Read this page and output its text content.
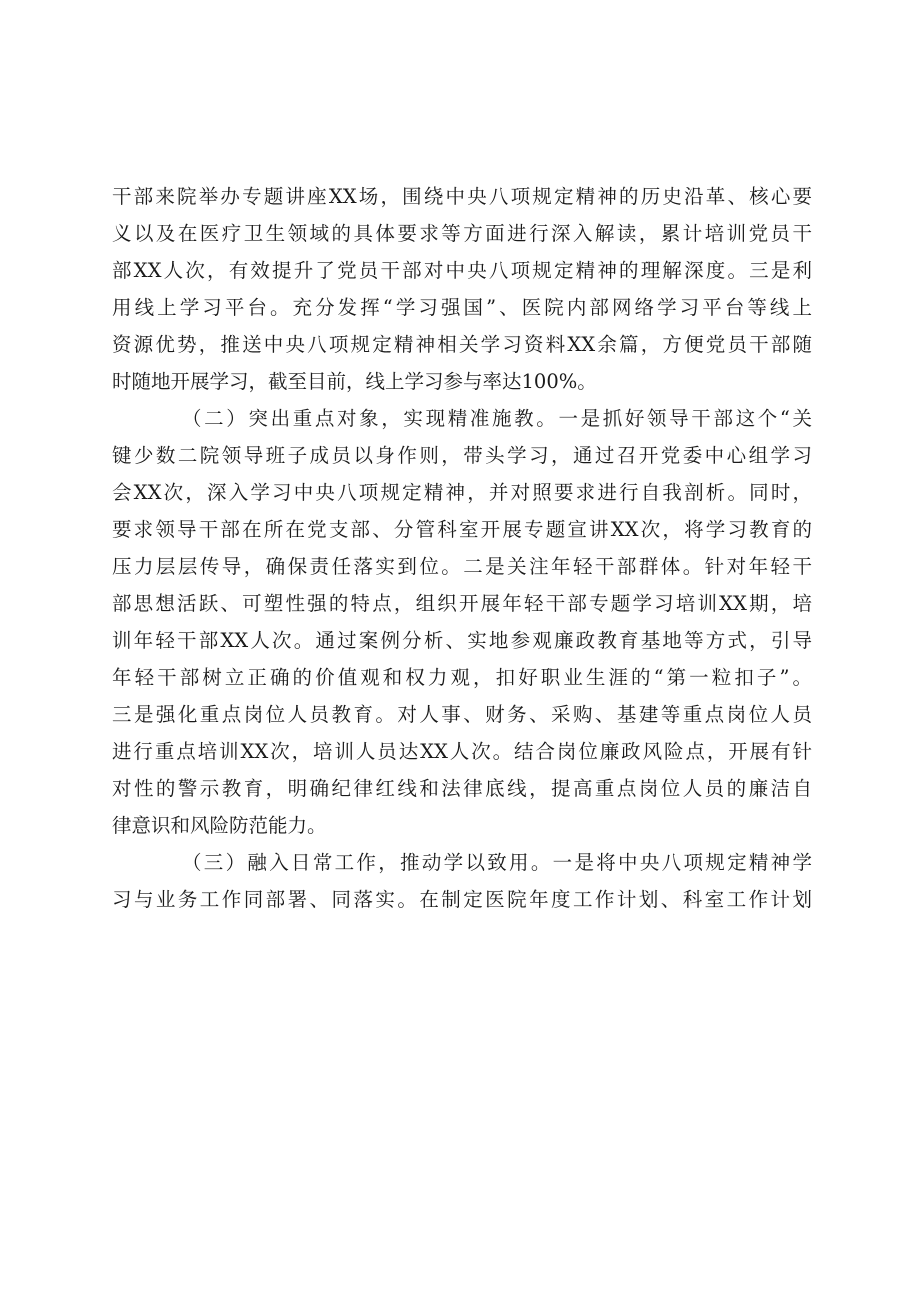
干部来院举办专题讲座XX场，围绕中央八项规定精神的历史沿革、核心要
义以及在医疗卫生领域的具体要求等方面进行深入解读，累计培训党员干
部XX人次，有效提升了党员干部对中央八项规定精神的理解深度。三是利
用线上学习平台。充分发挥“学习强国”、医院内部网络学习平台等线上
资源优势，推送中央八项规定精神相关学习资料XX余篇，方便党员干部随
时随地开展学习，截至目前，线上学习参与率达100%。
（二）突出重点对象，实现精准施教。一是抓好领导干部这个“关
键少数二院领导班子成员以身作则，带头学习，通过召开党委中心组学习
会XX次，深入学习中央八项规定精神，并对照要求进行自我剖析。同时，
要求领导干部在所在党支部、分管科室开展专题宣讲XX次，将学习教育的
压力层层传导，确保责任落实到位。二是关注年轻干部群体。针对年轻干
部思想活跃、可塑性强的特点，组织开展年轻干部专题学习培训XX期，培
训年轻干部XX人次。通过案例分析、实地参观廉政教育基地等方式，引导
年轻干部树立正确的价值观和权力观，扣好职业生涯的“第一粒扣子”。
三是强化重点岗位人员教育。对人事、财务、采购、基建等重点岗位人员
进行重点培训XX次，培训人员达XX人次。结合岗位廉政风险点，开展有针
对性的警示教育，明确纪律红线和法律底线，提高重点岗位人员的廉洁自
律意识和风险防范能力。
（三）融入日常工作，推动学以致用。一是将中央八项规定精神学
习与业务工作同部署、同落实。在制定医院年度工作计划、科室工作计划
